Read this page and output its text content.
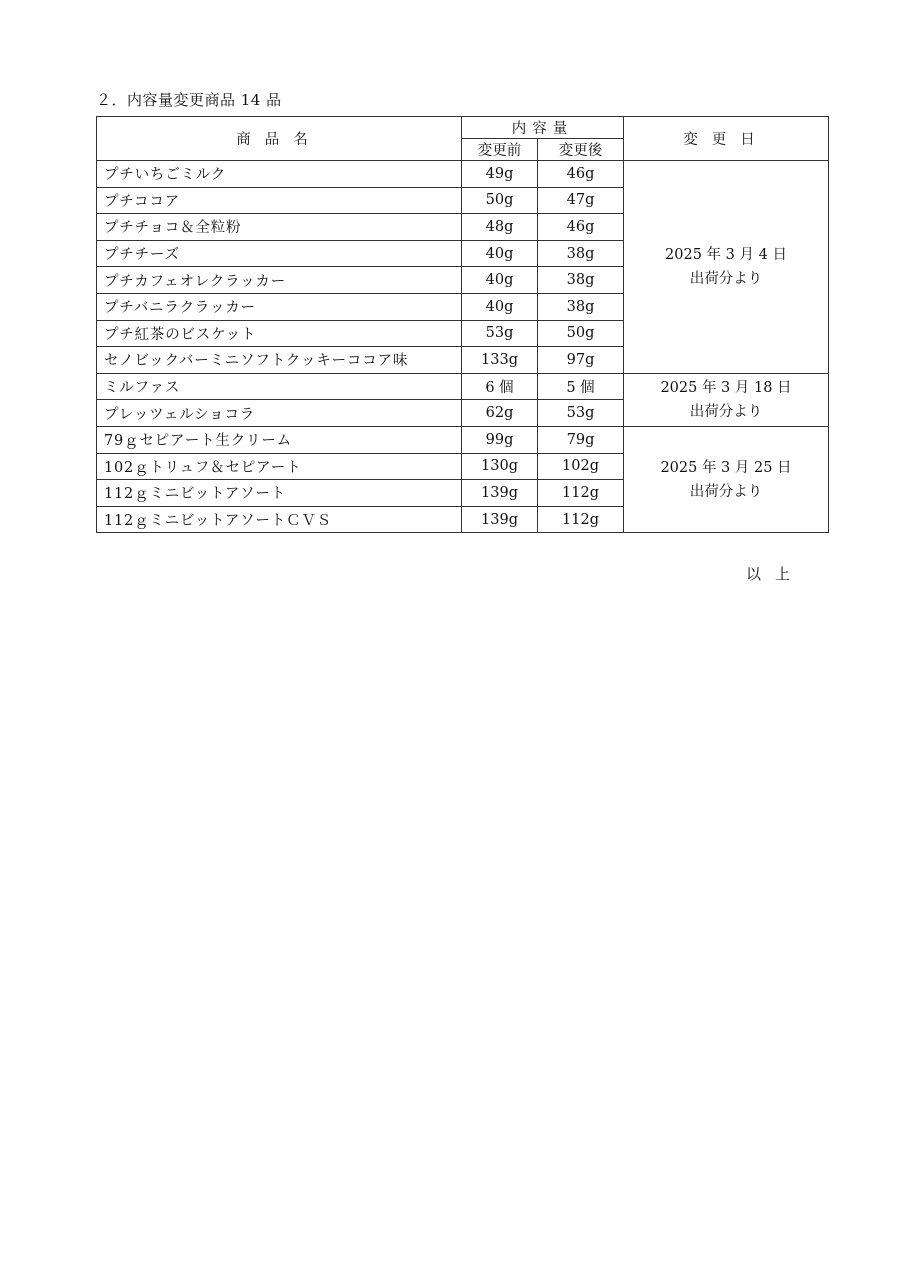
２．内容量変更商品 14 品
商品名	内容量		変更日
	変更前	変更後	
プチいちごミルク	49g	46g	2025 年 3 月 4 日
出荷分より

プチココア	50g	47g	
プチチョコ＆全粒粉	48g	46g	
プチチーズ	40g	38g	
プチカフェオレクラッカー	40g	38g	
プチバニラクラッカー	40g	38g	
プチ紅茶のビスケット	53g	50g	
セノビックバーミニソフトクッキーココア味	133g	97g	
ミルファス	6 個	5 個	2025 年 3 月 18 日
出荷分より

プレッツェルショコラ	62g	53g	
79ｇセピアート生クリーム	99g	79g	2025 年 3 月 25 日
出荷分より

102ｇトリュフ＆セピアート	130g	102g	
112ｇミニビットアソート	139g	112g	
112ｇミニビットアソートＣＶＳ	139g	112g	
以上
